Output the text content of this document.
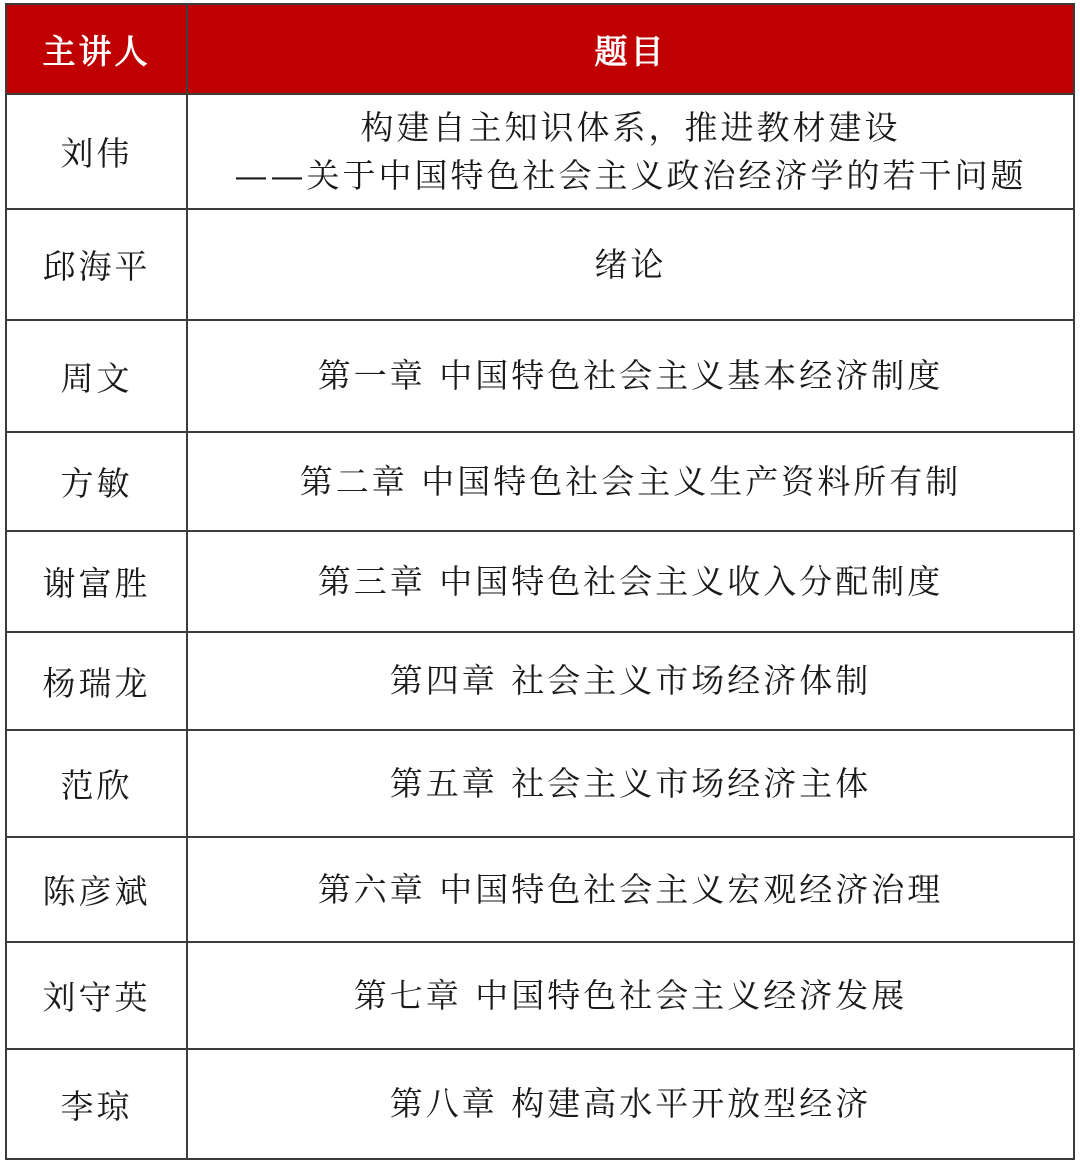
主讲人	题目
刘伟	构建自主知识体系，推进教材建设
——关于中国特色社会主义政治经济学的若干问题

邱海平	绪论

周文	第一章 中国特色社会主义基本经济制度

方敏	第二章 中国特色社会主义生产资料所有制

谢富胜	第三章 中国特色社会主义收入分配制度

杨瑞龙	第四章 社会主义市场经济体制

范欣	第五章 社会主义市场经济主体

陈彦斌	第六章 中国特色社会主义宏观经济治理

刘守英	第七章 中国特色社会主义经济发展

李琼	第八章 构建高水平开放型经济
